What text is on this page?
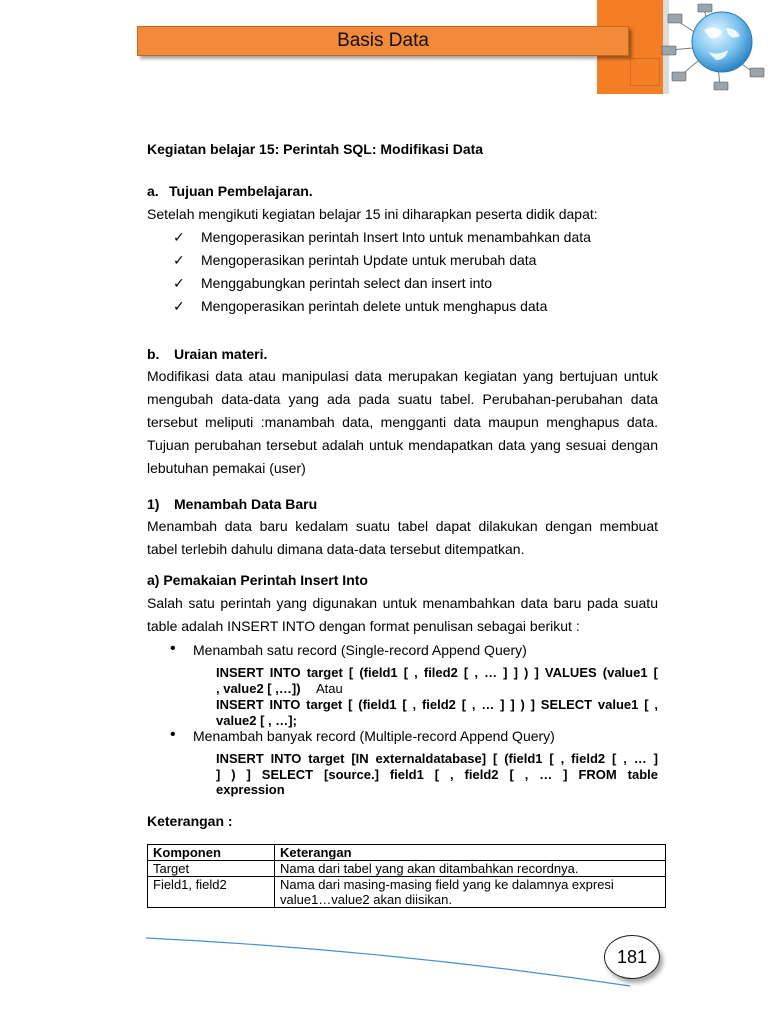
Basis Data
Kegiatan belajar 15: Perintah SQL: Modifikasi Data
a. Tujuan Pembelajaran.
Setelah mengikuti kegiatan belajar 15 ini diharapkan peserta didik dapat:
✓ Mengoperasikan perintah Insert Into untuk menambahkan data
✓ Mengoperasikan perintah Update untuk merubah data
✓ Menggabungkan perintah select dan insert into
✓ Mengoperasikan perintah delete untuk menghapus data
b. Uraian materi.
Modifikasi data atau manipulasi data merupakan kegiatan yang bertujuan untuk
mengubah data-data yang ada pada suatu tabel. Perubahan-perubahan data
tersebut meliputi :manambah data, mengganti data maupun menghapus data.
Tujuan perubahan tersebut adalah untuk mendapatkan data yang sesuai dengan
lebutuhan pemakai (user)
1) Menambah Data Baru
Menambah data baru kedalam suatu tabel dapat dilakukan dengan membuat
tabel terlebih dahulu dimana data-data tersebut ditempatkan.
a) Pemakaian Perintah Insert Into
Salah satu perintah yang digunakan untuk menambahkan data baru pada suatu
table adalah INSERT INTO dengan format penulisan sebagai berikut :
• Menambah satu record (Single-record Append Query)
INSERT INTO target [ (field1 [ , filed2 [ , … ] ] ) ] VALUES (value1 [
, value2 [ ,…]) Atau
INSERT INTO target [ (field1 [ , field2 [ , … ] ] ) ] SELECT value1 [ ,
value2 [ , …];
• Menambah banyak record (Multiple-record Append Query)
INSERT INTO target [IN externaldatabase] [ (field1 [ , field2 [ , … ]
] ) ] SELECT [source.] field1 [ , field2 [ , … ] FROM table
expression
Keterangan :
Komponen	Keterangan
Target	Nama dari tabel yang akan ditambahkan recordnya.
Field1, field2	Nama dari masing-masing field yang ke dalamnya expresi value1…value2 akan diisikan.
181
